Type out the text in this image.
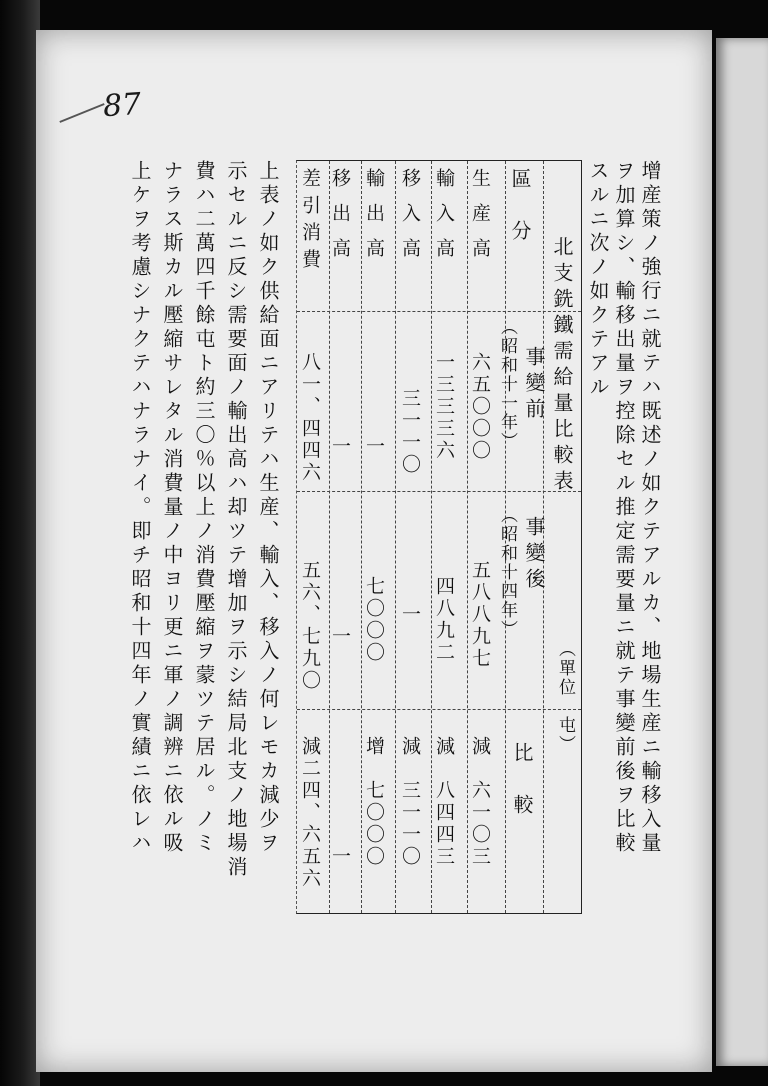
87

增産策ノ強行ニ就テハ既述ノ如クテアルカ、地場生産ニ輸移入量

ヲ加算シ、輸移出量ヲ控除セル推定需要量ニ就テ事變前後ヲ比較

スルニ次ノ如クテアル

北支銑鐵需給量比較表

（單位　屯）

區　分

事變前

（昭和十一年）

事變後

（昭和十四年）

比　較

生産高

輸入高

移入高

輸出高

移出高

差引消費

六五〇〇〇

一三三三六

三一一〇

一

一

八一、四四六

五八八九七

四八九二

一

七〇〇〇

一

五六、七九〇

減　六一〇三

減　八四四三

減　三一一〇

增　七〇〇〇

一

減二四、六五六

上表ノ如ク供給面ニアリテハ生産、輸入、移入ノ何レモカ減少ヲ

示セルニ反シ需要面ノ輸出高ハ却ツテ增加ヲ示シ結局北支ノ地場消

費ハ二萬四千餘屯ト約三〇％以上ノ消費壓縮ヲ蒙ツテ居ル。ノミ

ナラス斯カル壓縮サレタル消費量ノ中ヨリ更ニ軍ノ調辨ニ依ル吸

上ケヲ考慮シナクテハナラナイ。即チ昭和十四年ノ實績ニ依レハ
